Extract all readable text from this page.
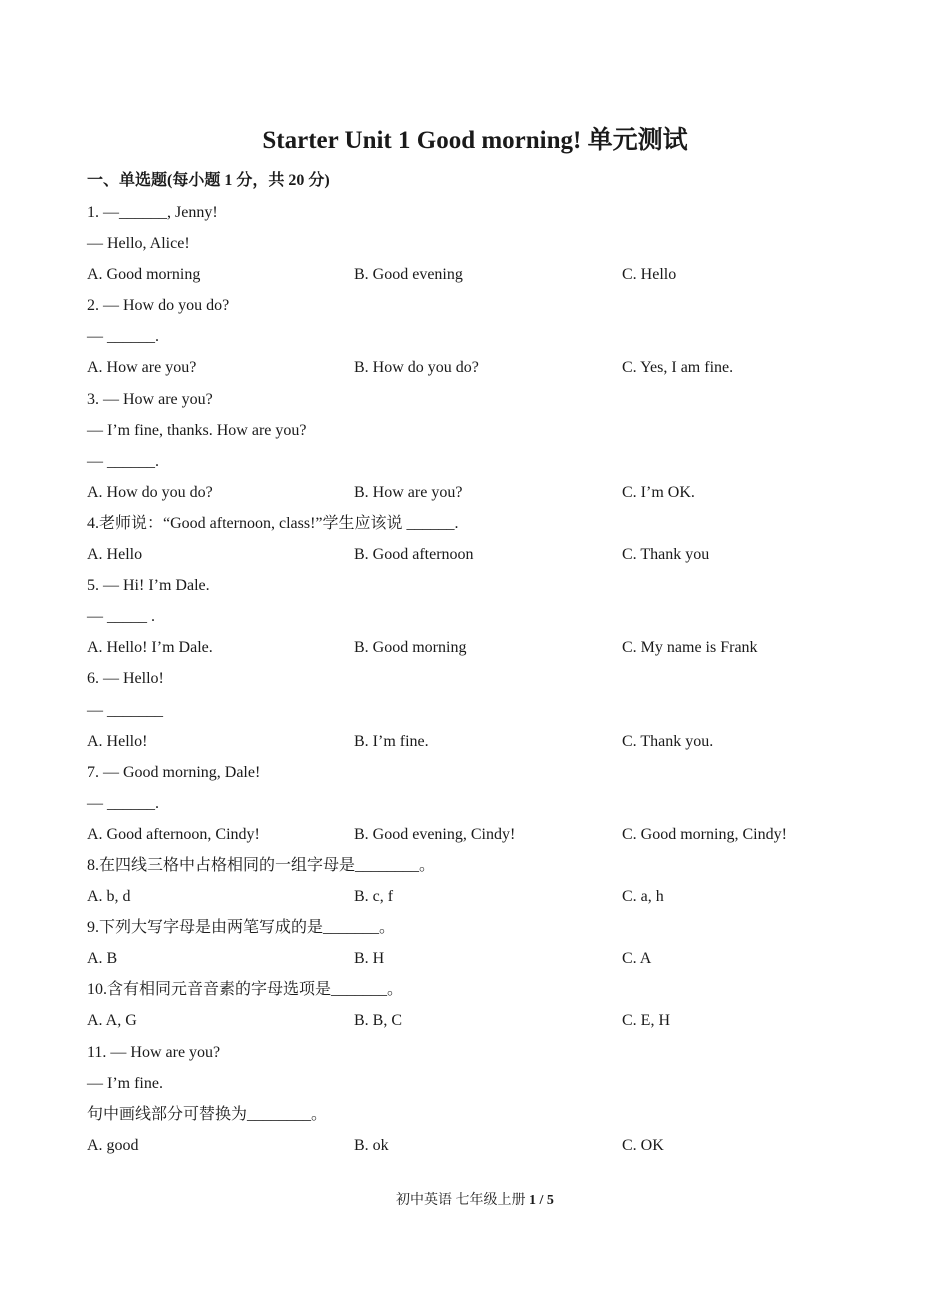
Starter Unit 1 Good morning! 单元测试
一、单选题(每小题 1 分，共 20 分)
1. —______, Jenny!
— Hello, Alice!
A. Good morning	B. Good evening	C. Hello
2. — How do you do?
— ______.
A. How are you?	B. How do you do?	C. Yes, I am fine.
3. — How are you?
— I’m fine, thanks. How are you?
— ______.
A. How do you do?	B. How are you?	C. I’m OK.
4.老师说：“Good afternoon, class!”学生应该说 ______.
A. Hello	B. Good afternoon	C. Thank you
5. — Hi! I’m Dale.
— _____ .
A. Hello! I’m Dale.	B. Good morning	C. My name is Frank
6. — Hello!
— _______
A. Hello!	B. I’m fine.	C. Thank you.
7. — Good morning, Dale!
— ______.
A. Good afternoon, Cindy!	B. Good evening, Cindy!	C. Good morning, Cindy!
8.在四线三格中占格相同的一组字母是________。
A. b, d	B. c, f	C. a, h
9.下列大写字母是由两笔写成的是_______。
A. B	B. H	C. A
10.含有相同元音音素的字母选项是_______。
A. A, G	B. B, C	C. E, H
11. — How are you?
— I’m fine.
句中画线部分可替换为________。
A. good	B. ok	C. OK
初中英语 七年级上册 1 / 5
